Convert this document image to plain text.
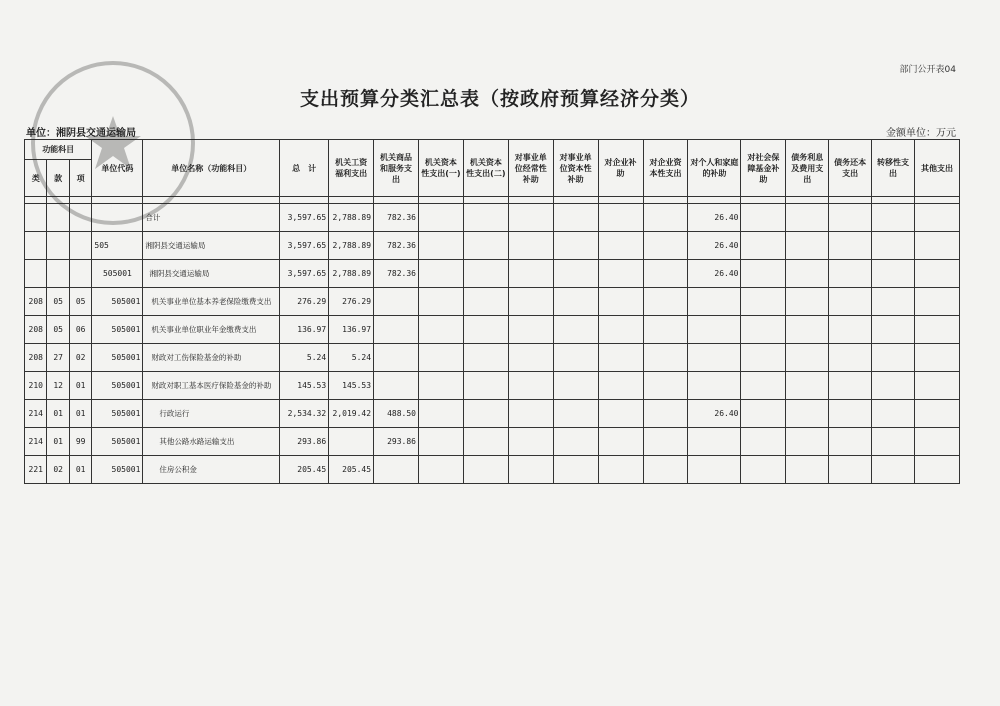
部门公开表04
支出预算分类汇总表（按政府预算经济分类）
单位：湘阴县交通运输局	金额单位：万元
功能科目			单位代码	单位名称（功能科目）	总　计	机关工资福利支出	机关商品和服务支出	机关资本性支出(一)	机关资本性支出(二)	对事业单位经常性补助	对事业单位资本性补助	对企业补助	对企业资本性支出	对个人和家庭的补助	对社会保障基金补助	债务利息及费用支出	债务还本支出	转移性支出	其他支出
类	款	项																	

				合计	3,597.65	2,788.89	782.36							26.40					
			505	湘阴县交通运输局	3,597.65	2,788.89	782.36							26.40					
			505001	湘阴县交通运输局	3,597.65	2,788.89	782.36							26.40					
208	05	05	505001	机关事业单位基本养老保险缴费支出	276.29	276.29													
208	05	06	505001	机关事业单位职业年金缴费支出	136.97	136.97													
208	27	02	505001	财政对工伤保险基金的补助	5.24	5.24													
210	12	01	505001	财政对职工基本医疗保险基金的补助	145.53	145.53													
214	01	01	505001	行政运行	2,534.32	2,019.42	488.50							26.40					
214	01	99	505001	其他公路水路运输支出	293.86		293.86												
221	02	01	505001	住房公积金	205.45	205.45													
